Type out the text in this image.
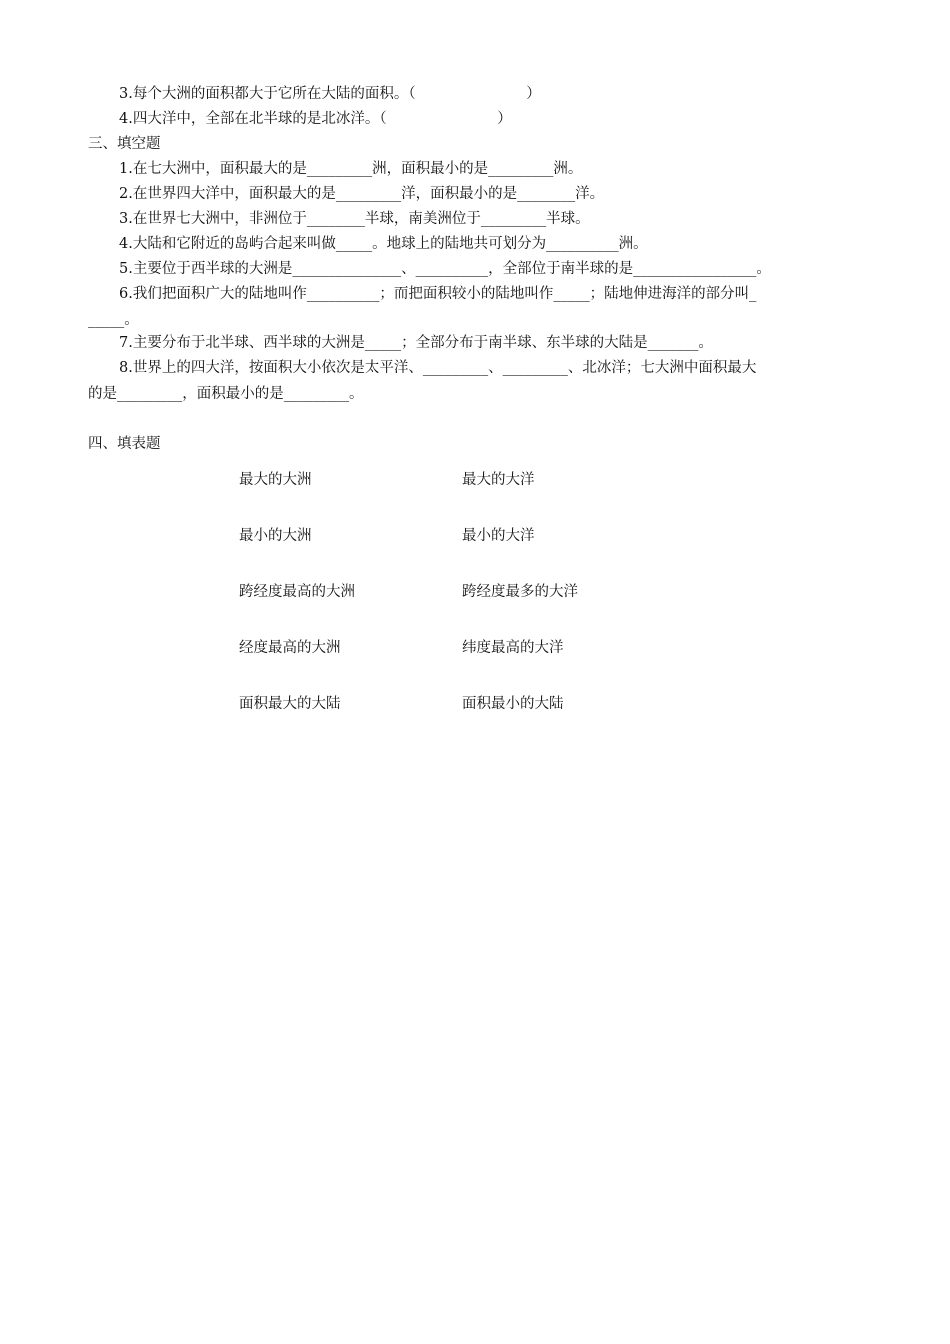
3.每个大洲的面积都大于它所在大陆的面积。（                        ）
4.四大洋中，全部在北半球的是北冰洋。（                        ）
三、填空题
1.在七大洲中，面积最大的是_________洲，面积最小的是_________洲。
2.在世界四大洋中，面积最大的是_________洋，面积最小的是________洋。
3.在世界七大洲中，非洲位于________半球，南美洲位于_________半球。
4.大陆和它附近的岛屿合起来叫做_____。地球上的陆地共可划分为__________洲。
5.主要位于西半球的大洲是_______________、__________，全部位于南半球的是_________________。
6.我们把面积广大的陆地叫作__________；而把面积较小的陆地叫作_____；陆地伸进海洋的部分叫_
_____。
7.主要分布于北半球、西半球的大洲是_____；全部分布于南半球、东半球的大陆是_______。
8.世界上的四大洋，按面积大小依次是太平洋、_________、_________、北冰洋；七大洲中面积最大
的是_________，面积最小的是_________。
四、填表题
最大的大洲	最大的大洋
最小的大洲	最小的大洋
跨经度最高的大洲	跨经度最多的大洋
经度最高的大洲	纬度最高的大洋
面积最大的大陆	面积最小的大陆
